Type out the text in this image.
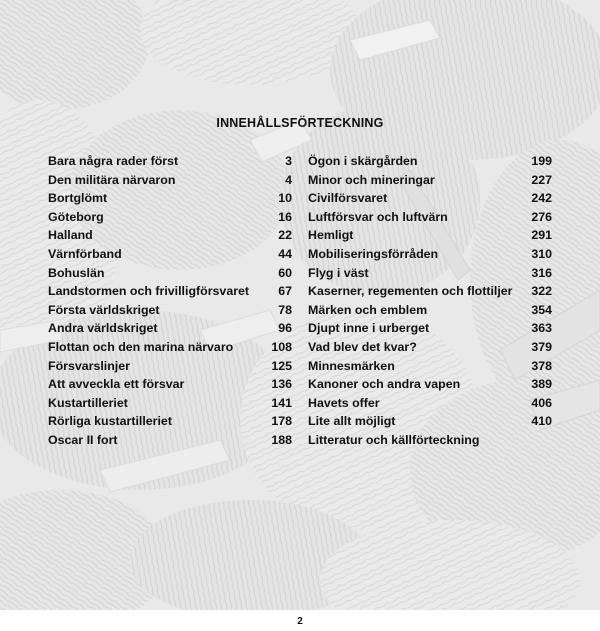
INNEHÅLLSFÖRTECKNING
Bara några rader först	3
Den militära närvaron	4
Bortglömt	10
Göteborg	16
Halland	22
Värnförband	44
Bohuslän	60
Landstormen och frivilligförsvaret 67
Första världskriget	78
Andra världskriget	96
Flottan och den marina närvaro	108
Försvarslinjer	125
Att avveckla ett försvar	136
Kustartilleriet	141
Rörliga kustartilleriet	178
Oscar II fort	188
Ögon i skärgården	199
Minor och mineringar	227
Civilförsvaret	242
Luftförsvar och luftvärn	276
Hemligt	291
Mobiliseringsförråden	310
Flyg i väst	316
Kaserner, regementen och flottiljer 322
Märken och emblem	354
Djupt inne i urberget	363
Vad blev det kvar?	379
Minnesmärken	378
Kanoner och andra vapen	389
Havets offer	406
Lite allt möjligt	410
Litteratur och källförteckning
2
